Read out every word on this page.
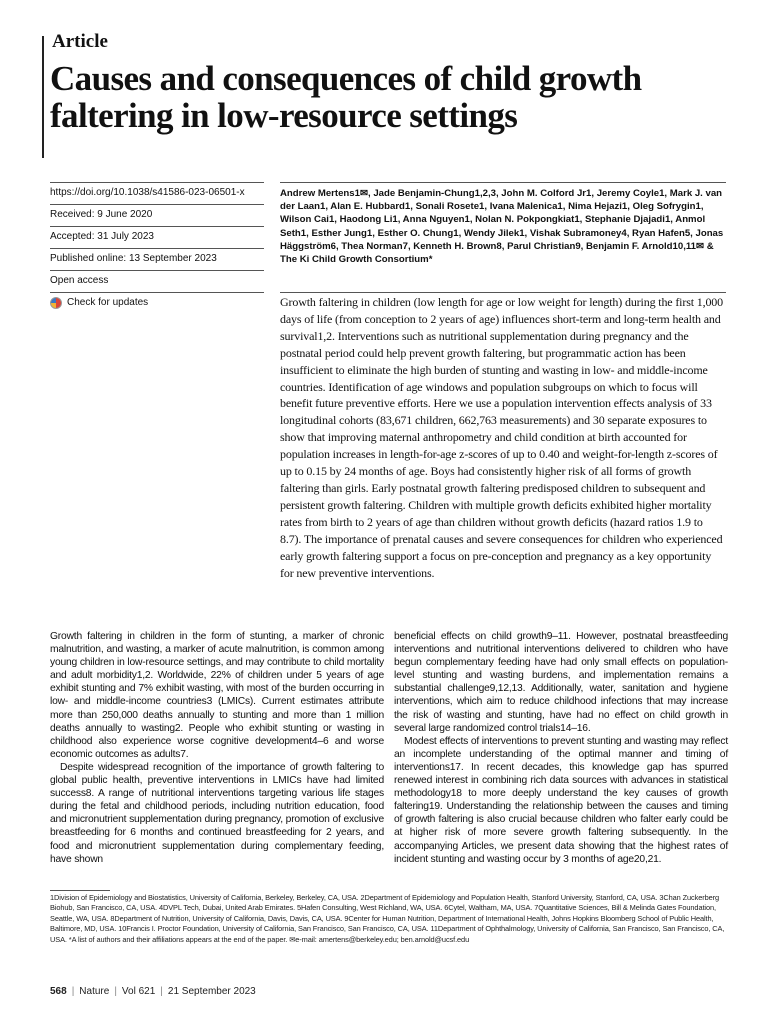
Article
Causes and consequences of child growth faltering in low-resource settings
https://doi.org/10.1038/s41586-023-06501-x
Received: 9 June 2020
Accepted: 31 July 2023
Published online: 13 September 2023
Open access
Check for updates
Andrew Mertens1✉, Jade Benjamin-Chung1,2,3, John M. Colford Jr1, Jeremy Coyle1, Mark J. van der Laan1, Alan E. Hubbard1, Sonali Rosete1, Ivana Malenica1, Nima Hejazi1, Oleg Sofrygin1, Wilson Cai1, Haodong Li1, Anna Nguyen1, Nolan N. Pokpongkiat1, Stephanie Djajadi1, Anmol Seth1, Esther Jung1, Esther O. Chung1, Wendy Jilek1, Vishak Subramoney4, Ryan Hafen5, Jonas Häggström6, Thea Norman7, Kenneth H. Brown8, Parul Christian9, Benjamin F. Arnold10,11✉ & The Ki Child Growth Consortium*

Growth faltering in children (low length for age or low weight for length) during the first 1,000 days of life (from conception to 2 years of age) influences short-term and long-term health and survival1,2. Interventions such as nutritional supplementation during pregnancy and the postnatal period could help prevent growth faltering, but programmatic action has been insufficient to eliminate the high burden of stunting and wasting in low- and middle-income countries. Identification of age windows and population subgroups on which to focus will benefit future preventive efforts. Here we use a population intervention effects analysis of 33 longitudinal cohorts (83,671 children, 662,763 measurements) and 30 separate exposures to show that improving maternal anthropometry and child condition at birth accounted for population increases in length-for-age z-scores of up to 0.40 and weight-for-length z-scores of up to 0.15 by 24 months of age. Boys had consistently higher risk of all forms of growth faltering than girls. Early postnatal growth faltering predisposed children to subsequent and persistent growth faltering. Children with multiple growth deficits exhibited higher mortality rates from birth to 2 years of age than children without growth deficits (hazard ratios 1.9 to 8.7). The importance of prenatal causes and severe consequences for children who experienced early growth faltering support a focus on pre-conception and pregnancy as a key opportunity for new preventive interventions.

Growth faltering in children in the form of stunting, a marker of chronic malnutrition, and wasting, a marker of acute malnutrition, is common among young children in low-resource settings, and may contribute to child mortality and adult morbidity1,2. Worldwide, 22% of children under 5 years of age exhibit stunting and 7% exhibit wasting, with most of the burden occurring in low- and middle-income countries3 (LMICs). Current estimates attribute more than 250,000 deaths annually to stunting and more than 1 million deaths annually to wasting2. People who exhibit stunting or wasting in childhood also experience worse cognitive development4–6 and worse economic outcomes as adults7.

Despite widespread recognition of the importance of growth faltering to global public health, preventive interventions in LMICs have had limited success8. A range of nutritional interventions targeting various life stages during the fetal and childhood periods, including nutrition education, food and micronutrient supplementation during pregnancy, promotion of exclusive breastfeeding for 6 months and continued breastfeeding for 2 years, and food and micronutrient supplementation during complementary feeding, have shown

beneficial effects on child growth9–11. However, postnatal breastfeeding interventions and nutritional interventions delivered to children who have begun complementary feeding have had only small effects on population-level stunting and wasting burdens, and implementation remains a substantial challenge9,12,13. Additionally, water, sanitation and hygiene interventions, which aim to reduce childhood infections that may increase the risk of wasting and stunting, have had no effect on child growth in several large randomized control trials14–16.

Modest effects of interventions to prevent stunting and wasting may reflect an incomplete understanding of the optimal manner and timing of interventions17. In recent decades, this knowledge gap has spurred renewed interest in combining rich data sources with advances in statistical methodology18 to more deeply understand the key causes of growth faltering19. Understanding the relationship between the causes and timing of growth faltering is also crucial because children who falter early could be at higher risk of more severe growth faltering subsequently. In the accompanying Articles, we present data showing that the highest rates of incident stunting and wasting occur by 3 months of age20,21.

1Division of Epidemiology and Biostatistics, University of California, Berkeley, Berkeley, CA, USA. 2Department of Epidemiology and Population Health, Stanford University, Stanford, CA, USA. 3Chan Zuckerberg Biohub, San Francisco, CA, USA. 4DVPL Tech, Dubai, United Arab Emirates. 5Hafen Consulting, West Richland, WA, USA. 6Cytel, Waltham, MA, USA. 7Quantitative Sciences, Bill & Melinda Gates Foundation, Seattle, WA, USA. 8Department of Nutrition, University of California, Davis, Davis, CA, USA. 9Center for Human Nutrition, Department of International Health, Johns Hopkins Bloomberg School of Public Health, Baltimore, MD, USA. 10Francis I. Proctor Foundation, University of California, San Francisco, San Francisco, CA, USA. 11Department of Ophthalmology, University of California, San Francisco, San Francisco, CA, USA. *A list of authors and their affiliations appears at the end of the paper. ✉e-mail: amertens@berkeley.edu; ben.arnold@ucsf.edu
568 | Nature | Vol 621 | 21 September 2023
